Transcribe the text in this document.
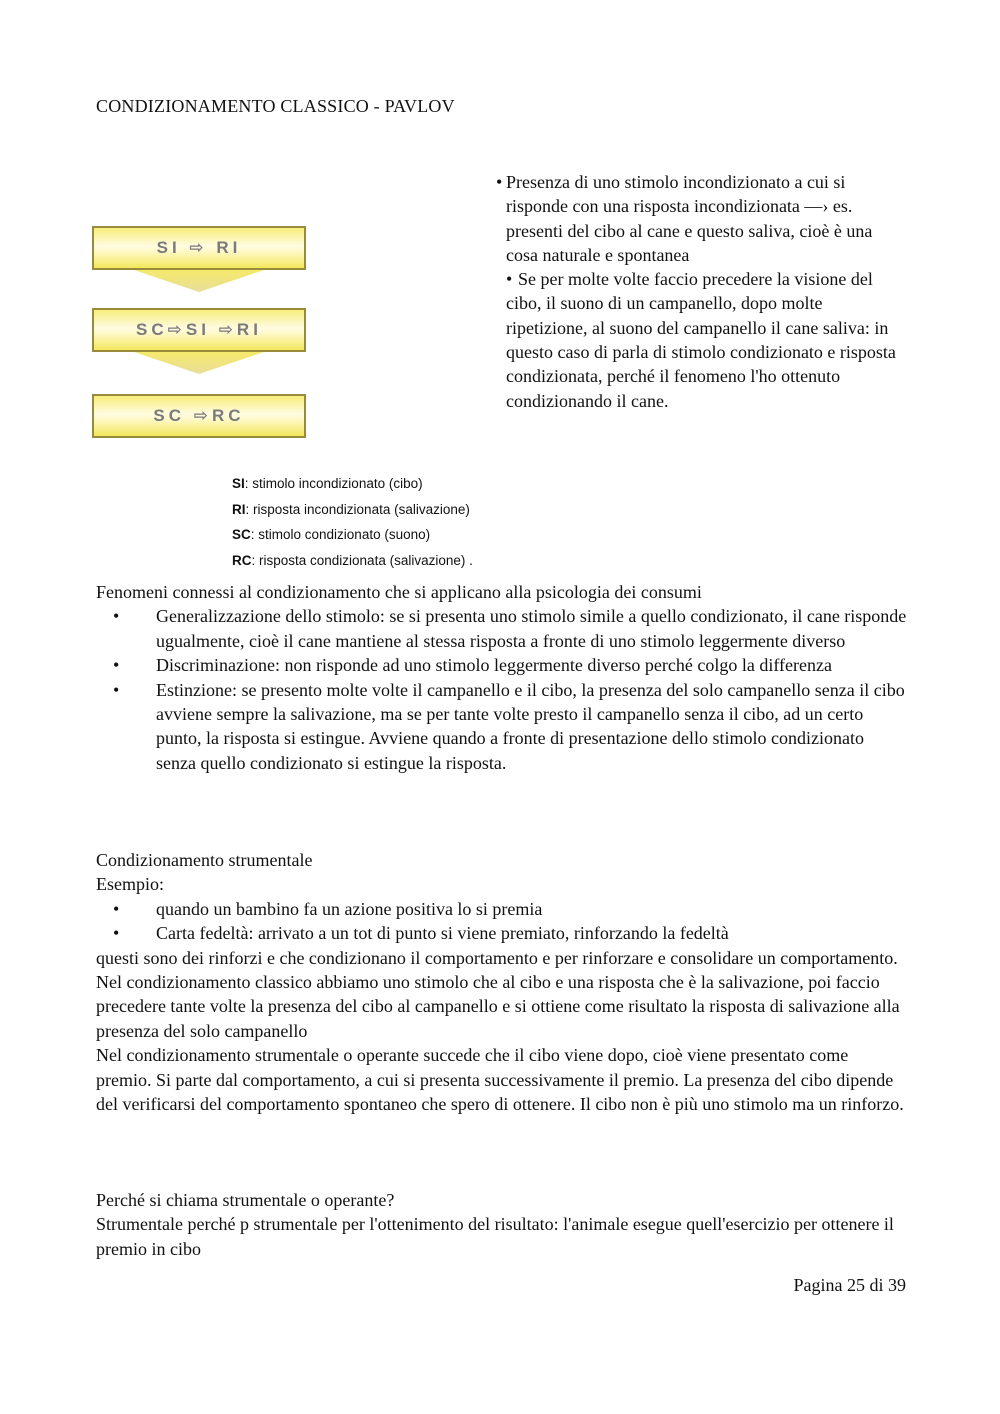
CONDIZIONAMENTO CLASSICO - PAVLOV
SI ⇨ RI
SC⇨SI ⇨RI
SC ⇨RC
SI: stimolo incondizionato (cibo)
RI: risposta incondizionata (salivazione)
SC: stimolo condizionato (suono)
RC: risposta condizionata (salivazione) .
• Presenza di uno stimolo incondizionato a cui si risponde con una risposta incondizionata —› es. presenti del cibo al cane e questo saliva, cioè è una cosa naturale e spontanea
• Se per molte volte faccio precedere la visione del cibo, il suono di un campanello, dopo molte ripetizione, al suono del campanello il cane saliva: in questo caso di parla di stimolo condizionato e risposta condizionata, perché il fenomeno l'ho ottenuto condizionando il cane.
Fenomeni connessi al condizionamento che si applicano alla psicologia dei consumi
• Generalizzazione dello stimolo: se si presenta uno stimolo simile a quello condizionato, il cane risponde ugualmente, cioè il cane mantiene al stessa risposta a fronte di uno stimolo leggermente diverso
• Discriminazione: non risponde ad uno stimolo leggermente diverso perché colgo la differenza
• Estinzione: se presento molte volte il campanello e il cibo, la presenza del solo campanello senza il cibo avviene sempre la salivazione, ma se per tante volte presto il campanello senza il cibo, ad un certo punto, la risposta si estingue. Avviene quando a fronte di presentazione dello stimolo condizionato senza quello condizionato si estingue la risposta.
Condizionamento strumentale
Esempio:
• quando un bambino fa un azione positiva lo si premia
• Carta fedeltà: arrivato a un tot di punto si viene premiato, rinforzando la fedeltà
questi sono dei rinforzi e che condizionano il comportamento e per rinforzare e consolidare un comportamento.
Nel condizionamento classico abbiamo uno stimolo che al cibo e una risposta che è la salivazione, poi faccio precedere tante volte la presenza del cibo al campanello e si ottiene come risultato la risposta di salivazione alla presenza del solo campanello
Nel condizionamento strumentale o operante succede che il cibo viene dopo, cioè viene presentato come premio. Si parte dal comportamento, a cui si presenta successivamente il premio. La presenza del cibo dipende del verificarsi del comportamento spontaneo che spero di ottenere. Il cibo non è più uno stimolo ma un rinforzo.
Perché si chiama strumentale o operante?
Strumentale perché p strumentale per l'ottenimento del risultato: l'animale esegue quell'esercizio per ottenere il premio in cibo
Pagina 25 di 39
